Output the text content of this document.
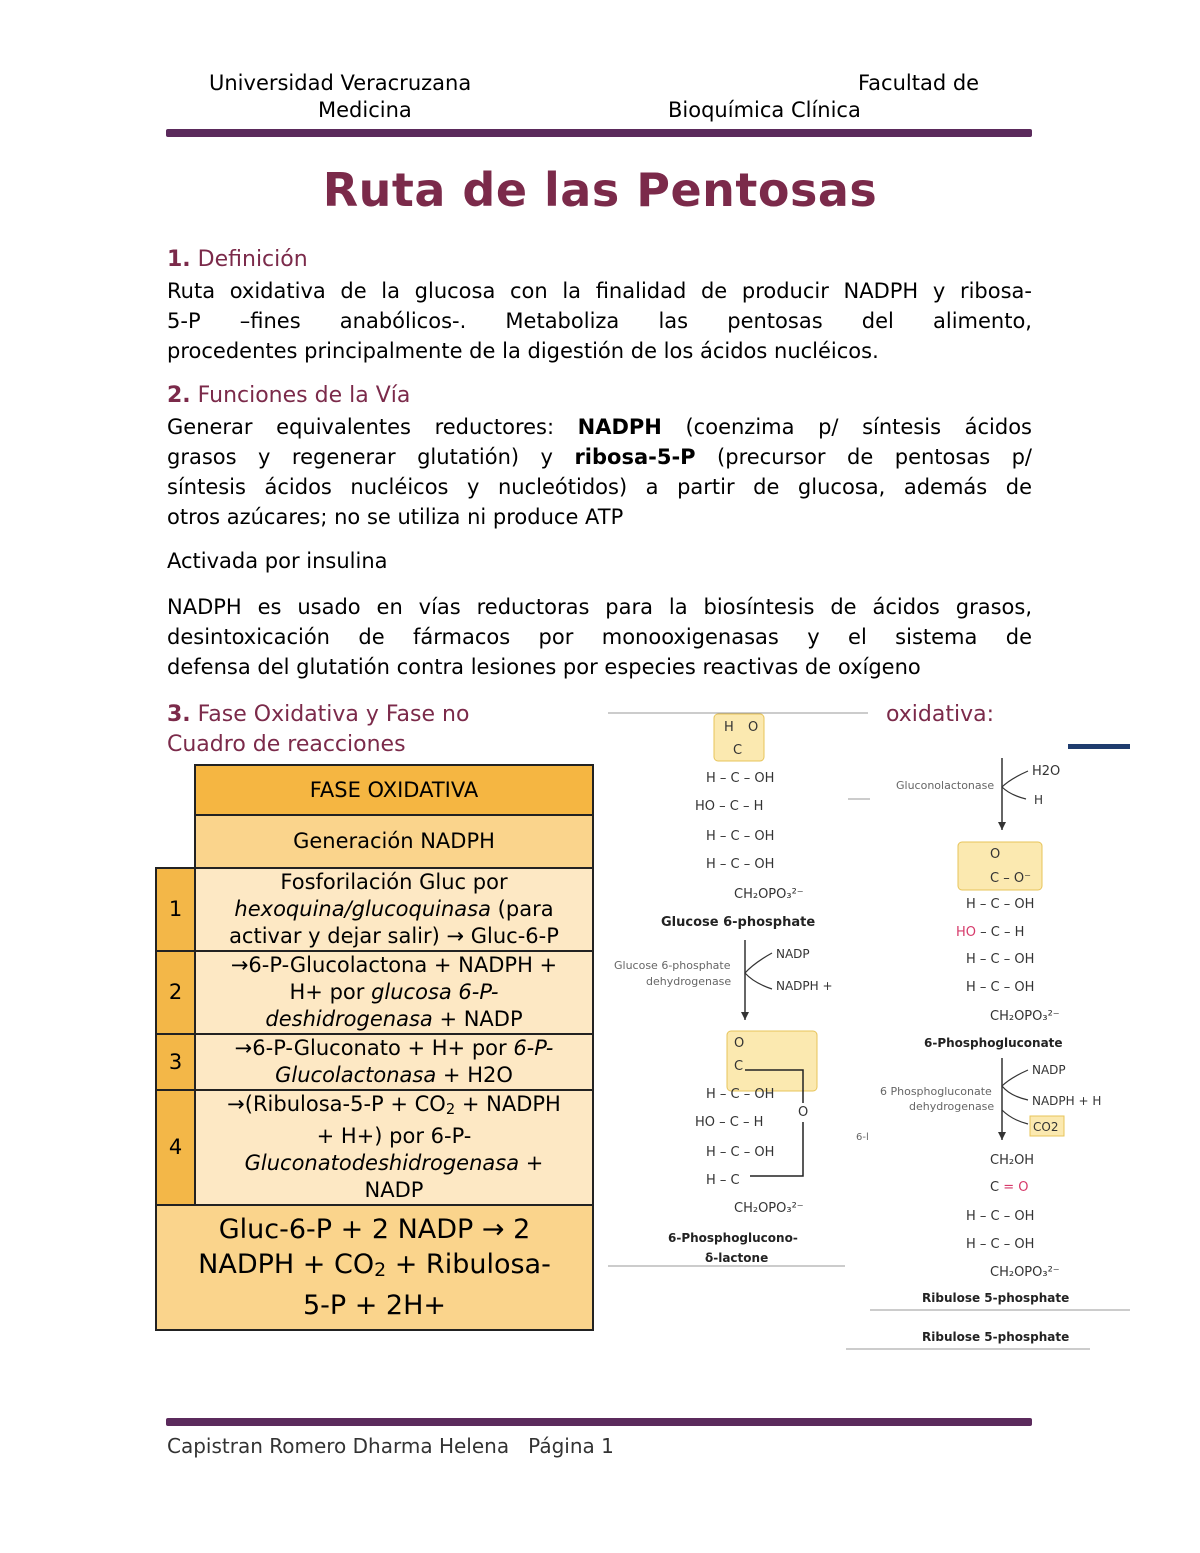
Universidad Veracruzana
Medicina
Facultad de
Bioquímica Clínica
Ruta de las Pentosas
1. Definición
Ruta oxidativa de la glucosa con la finalidad de producir NADPH y ribosa-
5-P –fines anabólicos-. Metaboliza las pentosas del alimento,
procedentes principalmente de la digestión de los ácidos nucléicos.
2. Funciones de la Vía
Generar equivalentes reductores: NADPH (coenzima p/ síntesis ácidos
grasos y regenerar glutatión) y ribosa-5-P (precursor de pentosas p/
síntesis ácidos nucléicos y nucleótidos) a partir de glucosa, además de
otros azúcares; no se utiliza ni produce ATP
Activada por insulina
NADPH es usado en vías reductoras para la biosíntesis de ácidos grasos,
desintoxicación de fármacos por monooxigenasas y el sistema de
defensa del glutatión contra lesiones por especies reactivas de oxígeno
3. Fase Oxidativa y Fase no	oxidativa:
Cuadro de reacciones
	FASE OXIDATIVA
	Generación NADPH
1	Fosforilación Gluc por
hexoquina/glucoquinasa (para
activar y dejar salir) → Gluc-6-P

2	→6-P-Glucolactona + NADPH +
H+ por glucosa 6-P-
deshidrogenasa + NADP

3	→6-P-Gluconato + H+ por 6-P-
Glucolactonasa + H2O

4	→(Ribulosa-5-P + $CO_2$ + NADPH
+ H+) por 6-P-
Gluconatodeshidrogenasa +
NADP

Gluc-6-P + 2 NADP → 2
NADPH + CO2 + Ribulosa-
5-P + 2H+	
H O
C
H – C – OH
HO – C – H
H – C – OH
H – C – OH
CH₂OPO₃²⁻
Glucose 6-phosphate
Glucose 6-phosphate
dehydrogenase
NADP
NADPH +
O
C
H – C – OH
HO – C – H
H – C – OH
H – C
CH₂OPO₃²⁻
O
6-Phosphoglucono-
δ-lactone
Gluconolactonase
H2O
H
O
C – O⁻
H – C – OH
HO – C – H
H – C – OH
H – C – OH
CH₂OPO₃²⁻
6-Phosphogluconate
6 Phosphogluconate
dehydrogenase
NADP
NADPH + H
CO2
6-l
CH₂OH
C = O
H – C – OH
H – C – OH
CH₂OPO₃²⁻
Ribulose 5-phosphate
Ribulose 5-phosphate
Capistran Romero Dharma Helena Página 1
